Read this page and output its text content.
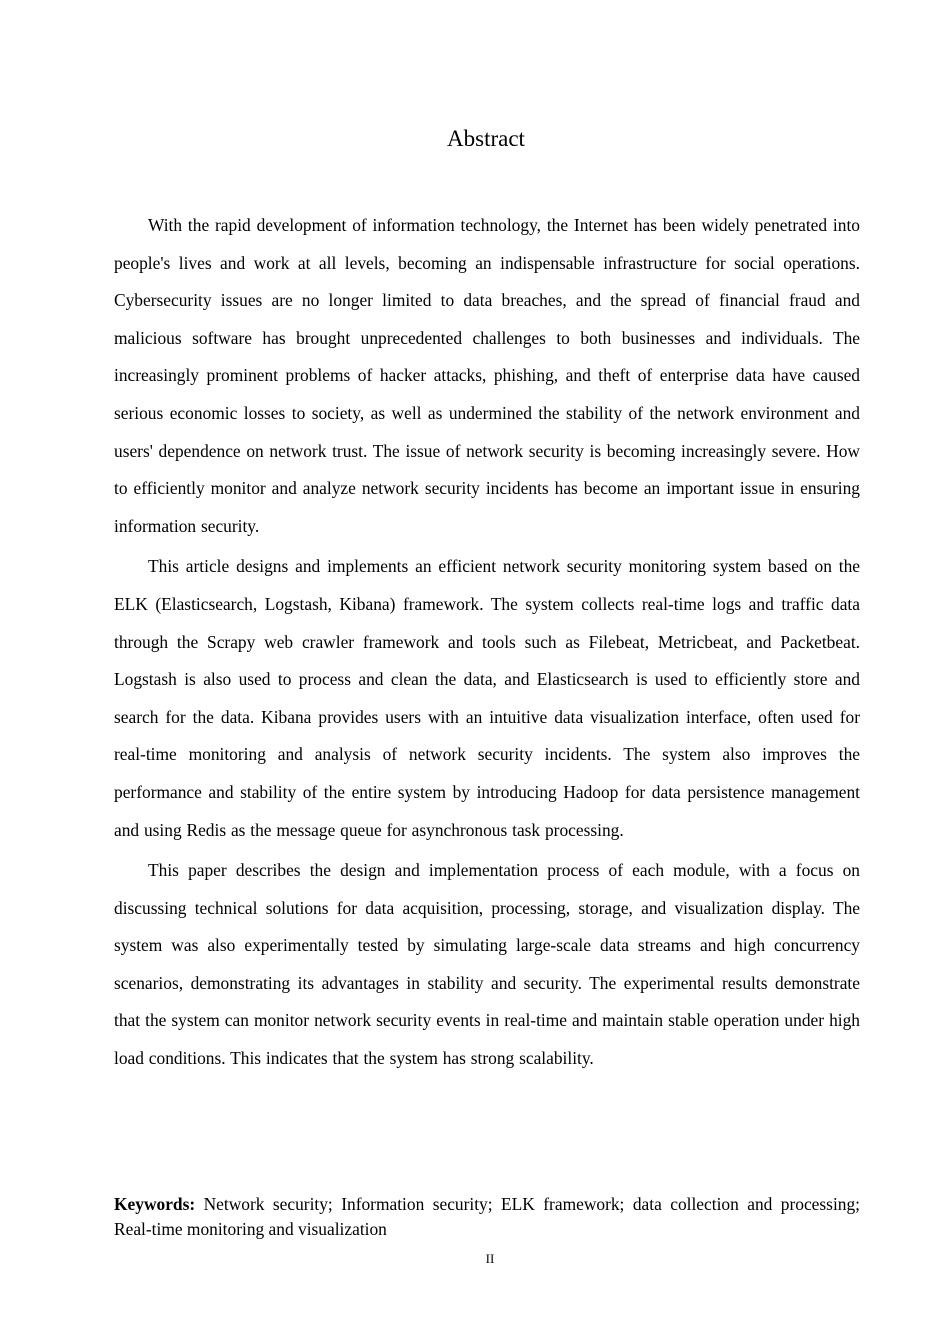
Abstract

With the rapid development of information technology, the Internet has been widely penetrated into people's lives and work at all levels, becoming an indispensable infrastructure for social operations. Cybersecurity issues are no longer limited to data breaches, and the spread of financial fraud and malicious software has brought unprecedented challenges to both businesses and individuals. The increasingly prominent problems of hacker attacks, phishing, and theft of enterprise data have caused serious economic losses to society, as well as undermined the stability of the network environment and users' dependence on network trust. The issue of network security is becoming increasingly severe. How to efficiently monitor and analyze network security incidents has become an important issue in ensuring information security.

This article designs and implements an efficient network security monitoring system based on the ELK (Elasticsearch, Logstash, Kibana) framework. The system collects real-time logs and traffic data through the Scrapy web crawler framework and tools such as Filebeat, Metricbeat, and Packetbeat. Logstash is also used to process and clean the data, and Elasticsearch is used to efficiently store and search for the data. Kibana provides users with an intuitive data visualization interface, often used for real-time monitoring and analysis of network security incidents. The system also improves the performance and stability of the entire system by introducing Hadoop for data persistence management and using Redis as the message queue for asynchronous task processing.

This paper describes the design and implementation process of each module, with a focus on discussing technical solutions for data acquisition, processing, storage, and visualization display. The system was also experimentally tested by simulating large-scale data streams and high concurrency scenarios, demonstrating its advantages in stability and security. The experimental results demonstrate that the system can monitor network security events in real-time and maintain stable operation under high load conditions. This indicates that the system has strong scalability.

Keywords: Network security; Information security; ELK framework; data collection and processing; Real-time monitoring and visualization

II
